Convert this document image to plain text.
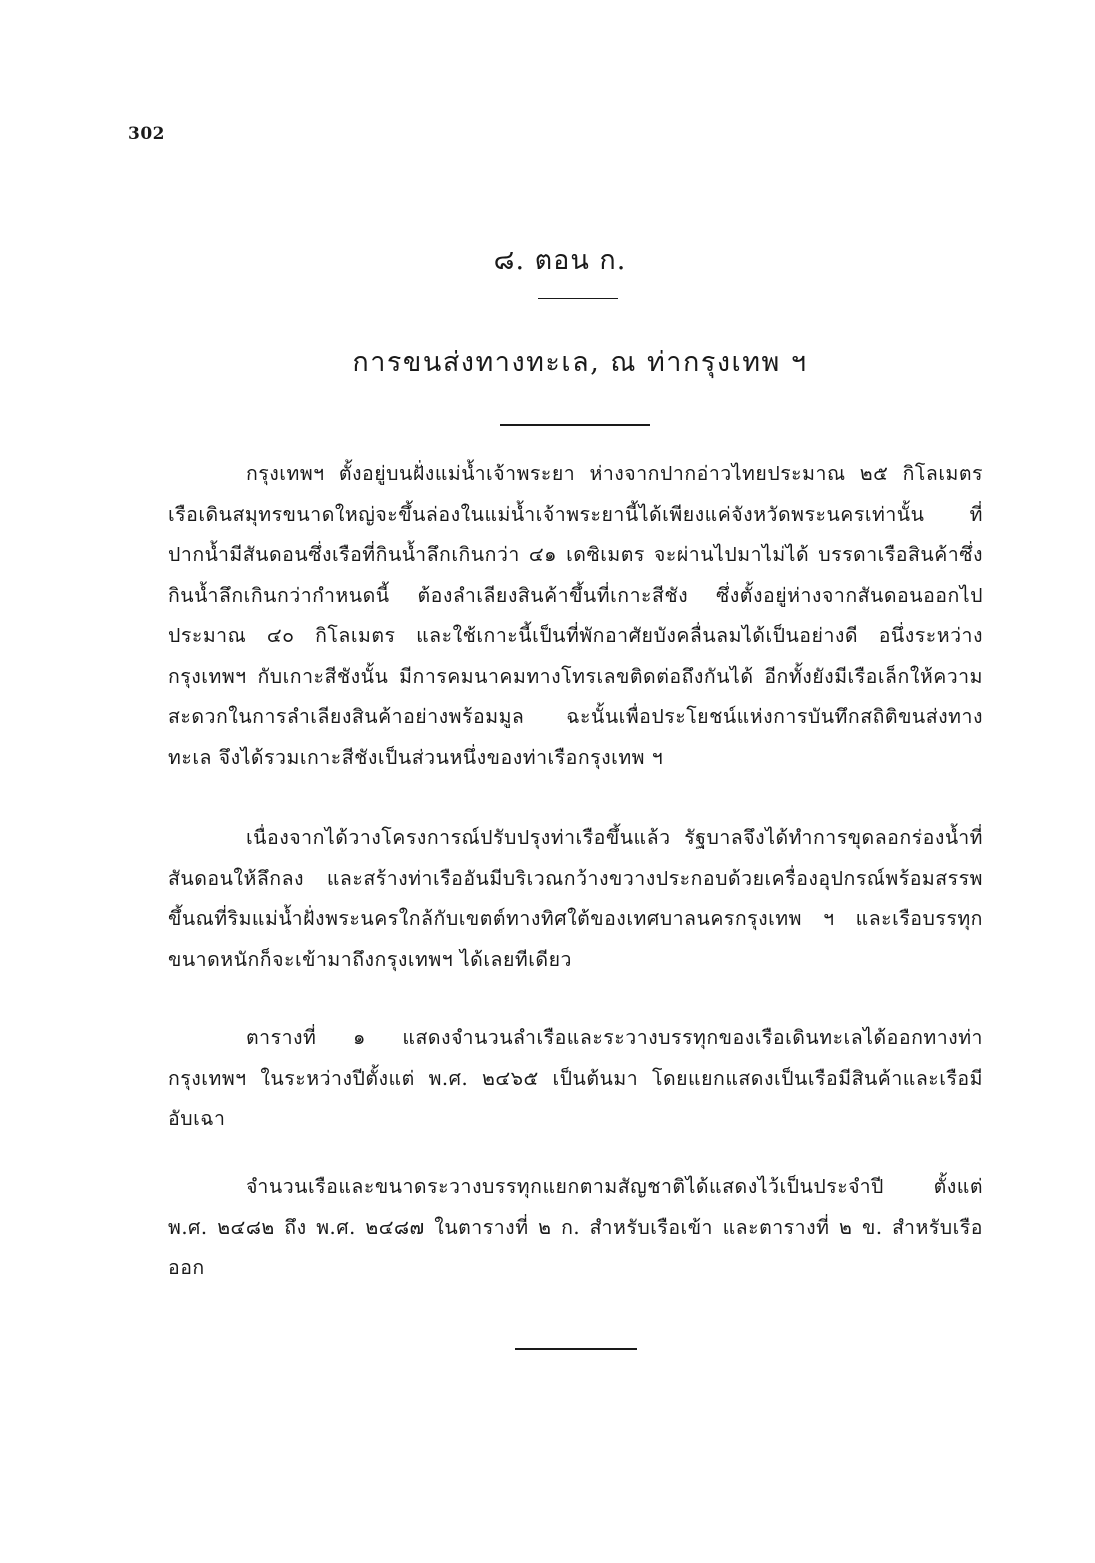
302
๘. ตอน ก.
การขนส่งทางทะเล, ณ ท่ากรุงเทพ ฯ
กรุงเทพฯ ตั้งอยู่บนฝั่งแม่น้ำเจ้าพระยา ห่างจากปากอ่าวไทยประมาณ ๒๕ กิโลเมตร เรือเดินสมุทรขนาดใหญ่จะขึ้นล่องในแม่น้ำเจ้าพระยานี้ได้เพียงแค่จังหวัดพระนครเท่านั้น ที่ปากน้ำมีสันดอนซึ่งเรือที่กินน้ำลึกเกินกว่า ๔๑ เดซิเมตร จะผ่านไปมาไม่ได้ บรรดาเรือสินค้าซึ่งกินน้ำลึกเกินกว่ากำหนดนี้ ต้องลำเลียงสินค้าขึ้นที่เกาะสีชัง ซึ่งตั้งอยู่ห่างจากสันดอนออกไปประมาณ ๔๐ กิโลเมตร และใช้เกาะนี้เป็นที่พักอาศัยบังคลื่นลมได้เป็นอย่างดี อนึ่งระหว่างกรุงเทพฯ กับเกาะสีชังนั้น มีการคมนาคมทางโทรเลขติดต่อถึงกันได้ อีกทั้งยังมีเรือเล็กให้ความสะดวกในการลำเลียงสินค้าอย่างพร้อมมูล ฉะนั้นเพื่อประโยชน์แห่งการบันทึกสถิติขนส่งทางทะเล จึงได้รวมเกาะสีชังเป็นส่วนหนึ่งของท่าเรือกรุงเทพ ฯ
เนื่องจากได้วางโครงการณ์ปรับปรุงท่าเรือขึ้นแล้ว รัฐบาลจึงได้ทำการขุดลอกร่องน้ำที่สันดอนให้ลึกลง และสร้างท่าเรืออันมีบริเวณกว้างขวางประกอบด้วยเครื่องอุปกรณ์พร้อมสรรพขึ้นณที่ริมแม่น้ำฝั่งพระนครใกล้กับเขตต์ทางทิศใต้ของเทศบาลนครกรุงเทพ ฯ และเรือบรรทุกขนาดหนักก็จะเข้ามาถึงกรุงเทพฯ ได้เลยทีเดียว
ตารางที่ ๑ แสดงจำนวนลำเรือและระวางบรรทุกของเรือเดินทะเลได้ออกทางท่ากรุงเทพฯ ในระหว่างปีตั้งแต่ พ.ศ. ๒๔๖๕ เป็นต้นมา โดยแยกแสดงเป็นเรือมีสินค้าและเรือมีอับเฉา
จำนวนเรือและขนาดระวางบรรทุกแยกตามสัญชาติได้แสดงไว้เป็นประจำปี ตั้งแต่ พ.ศ. ๒๔๘๒ ถึง พ.ศ. ๒๔๘๗ ในตารางที่ ๒ ก. สำหรับเรือเข้า และตารางที่ ๒ ข. สำหรับเรือออก
